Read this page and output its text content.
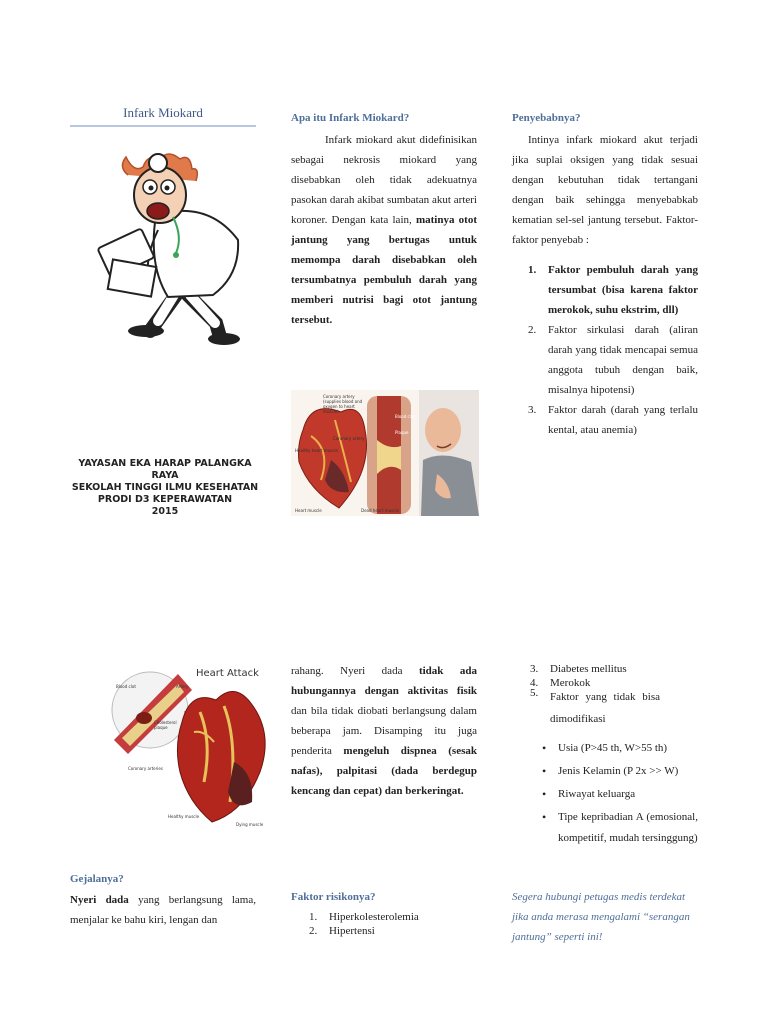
Infark Miokard
YAYASAN EKA HARAP PALANGKA RAYA
SEKOLAH TINGGI ILMU KESEHATAN
PRODI D3 KEPERAWATAN
2015
Apa itu Infark Miokard?
Infark miokard akut didefinisikan sebagai nekrosis miokard yang disebabkan oleh tidak adekuatnya pasokan darah akibat sumbatan akut arteri koroner. Dengan kata lain, matinya otot jantung yang bertugas untuk memompa darah disebabkan oleh tersumbatnya pembuluh darah yang memberi nutrisi bagi otot jantung tersebut.
Coronary artery (supplies blood and oxygen to heart muscle)
Healthy heart muscle
Coronary artery
Dead heart muscle
Heart muscle
Blood clot
Plaque
Penyebabnya?
Intinya infark miokard akut terjadi jika suplai oksigen yang tidak sesuai dengan kebutuhan tidak tertangani dengan baik sehingga menyebabkab kematian sel-sel jantung tersebut. Faktor-faktor penyebab :
1. Faktor pembuluh darah yang tersumbat (bisa karena faktor merokok, suhu ekstrim, dll)
2. Faktor sirkulasi darah (aliran darah yang tidak mencapai semua anggota tubuh dengan baik, misalnya hipotensi)
3. Faktor darah (darah yang terlalu kental, atau anemia)
Heart Attack
Blood clot	Artery
Cholesterol plaque
Coronary arteries
Healthy muscle
Dying muscle
Gejalanya?
Nyeri dada yang berlangsung lama, menjalar ke bahu kiri, lengan dan
rahang. Nyeri dada tidak ada hubungannya dengan aktivitas fisik dan bila tidak diobati berlangsung dalam beberapa jam. Disamping itu juga penderita mengeluh dispnea (sesak nafas), palpitasi (dada berdegup kencang dan cepat) dan berkeringat.
Faktor risikonya?
1. Hiperkolesterolemia
2. Hipertensi
3. Diabetes mellitus
4. Merokok
5. Faktor yang tidak bisa dimodifikasi
• Usia (P>45 th, W>55 th)
• Jenis Kelamin (P 2x >> W)
• Riwayat keluarga
• Tipe kepribadian A (emosional, kompetitif, mudah tersinggung)
Segera hubungi petugas medis terdekat jika anda merasa mengalami “serangan jantung” seperti ini!
